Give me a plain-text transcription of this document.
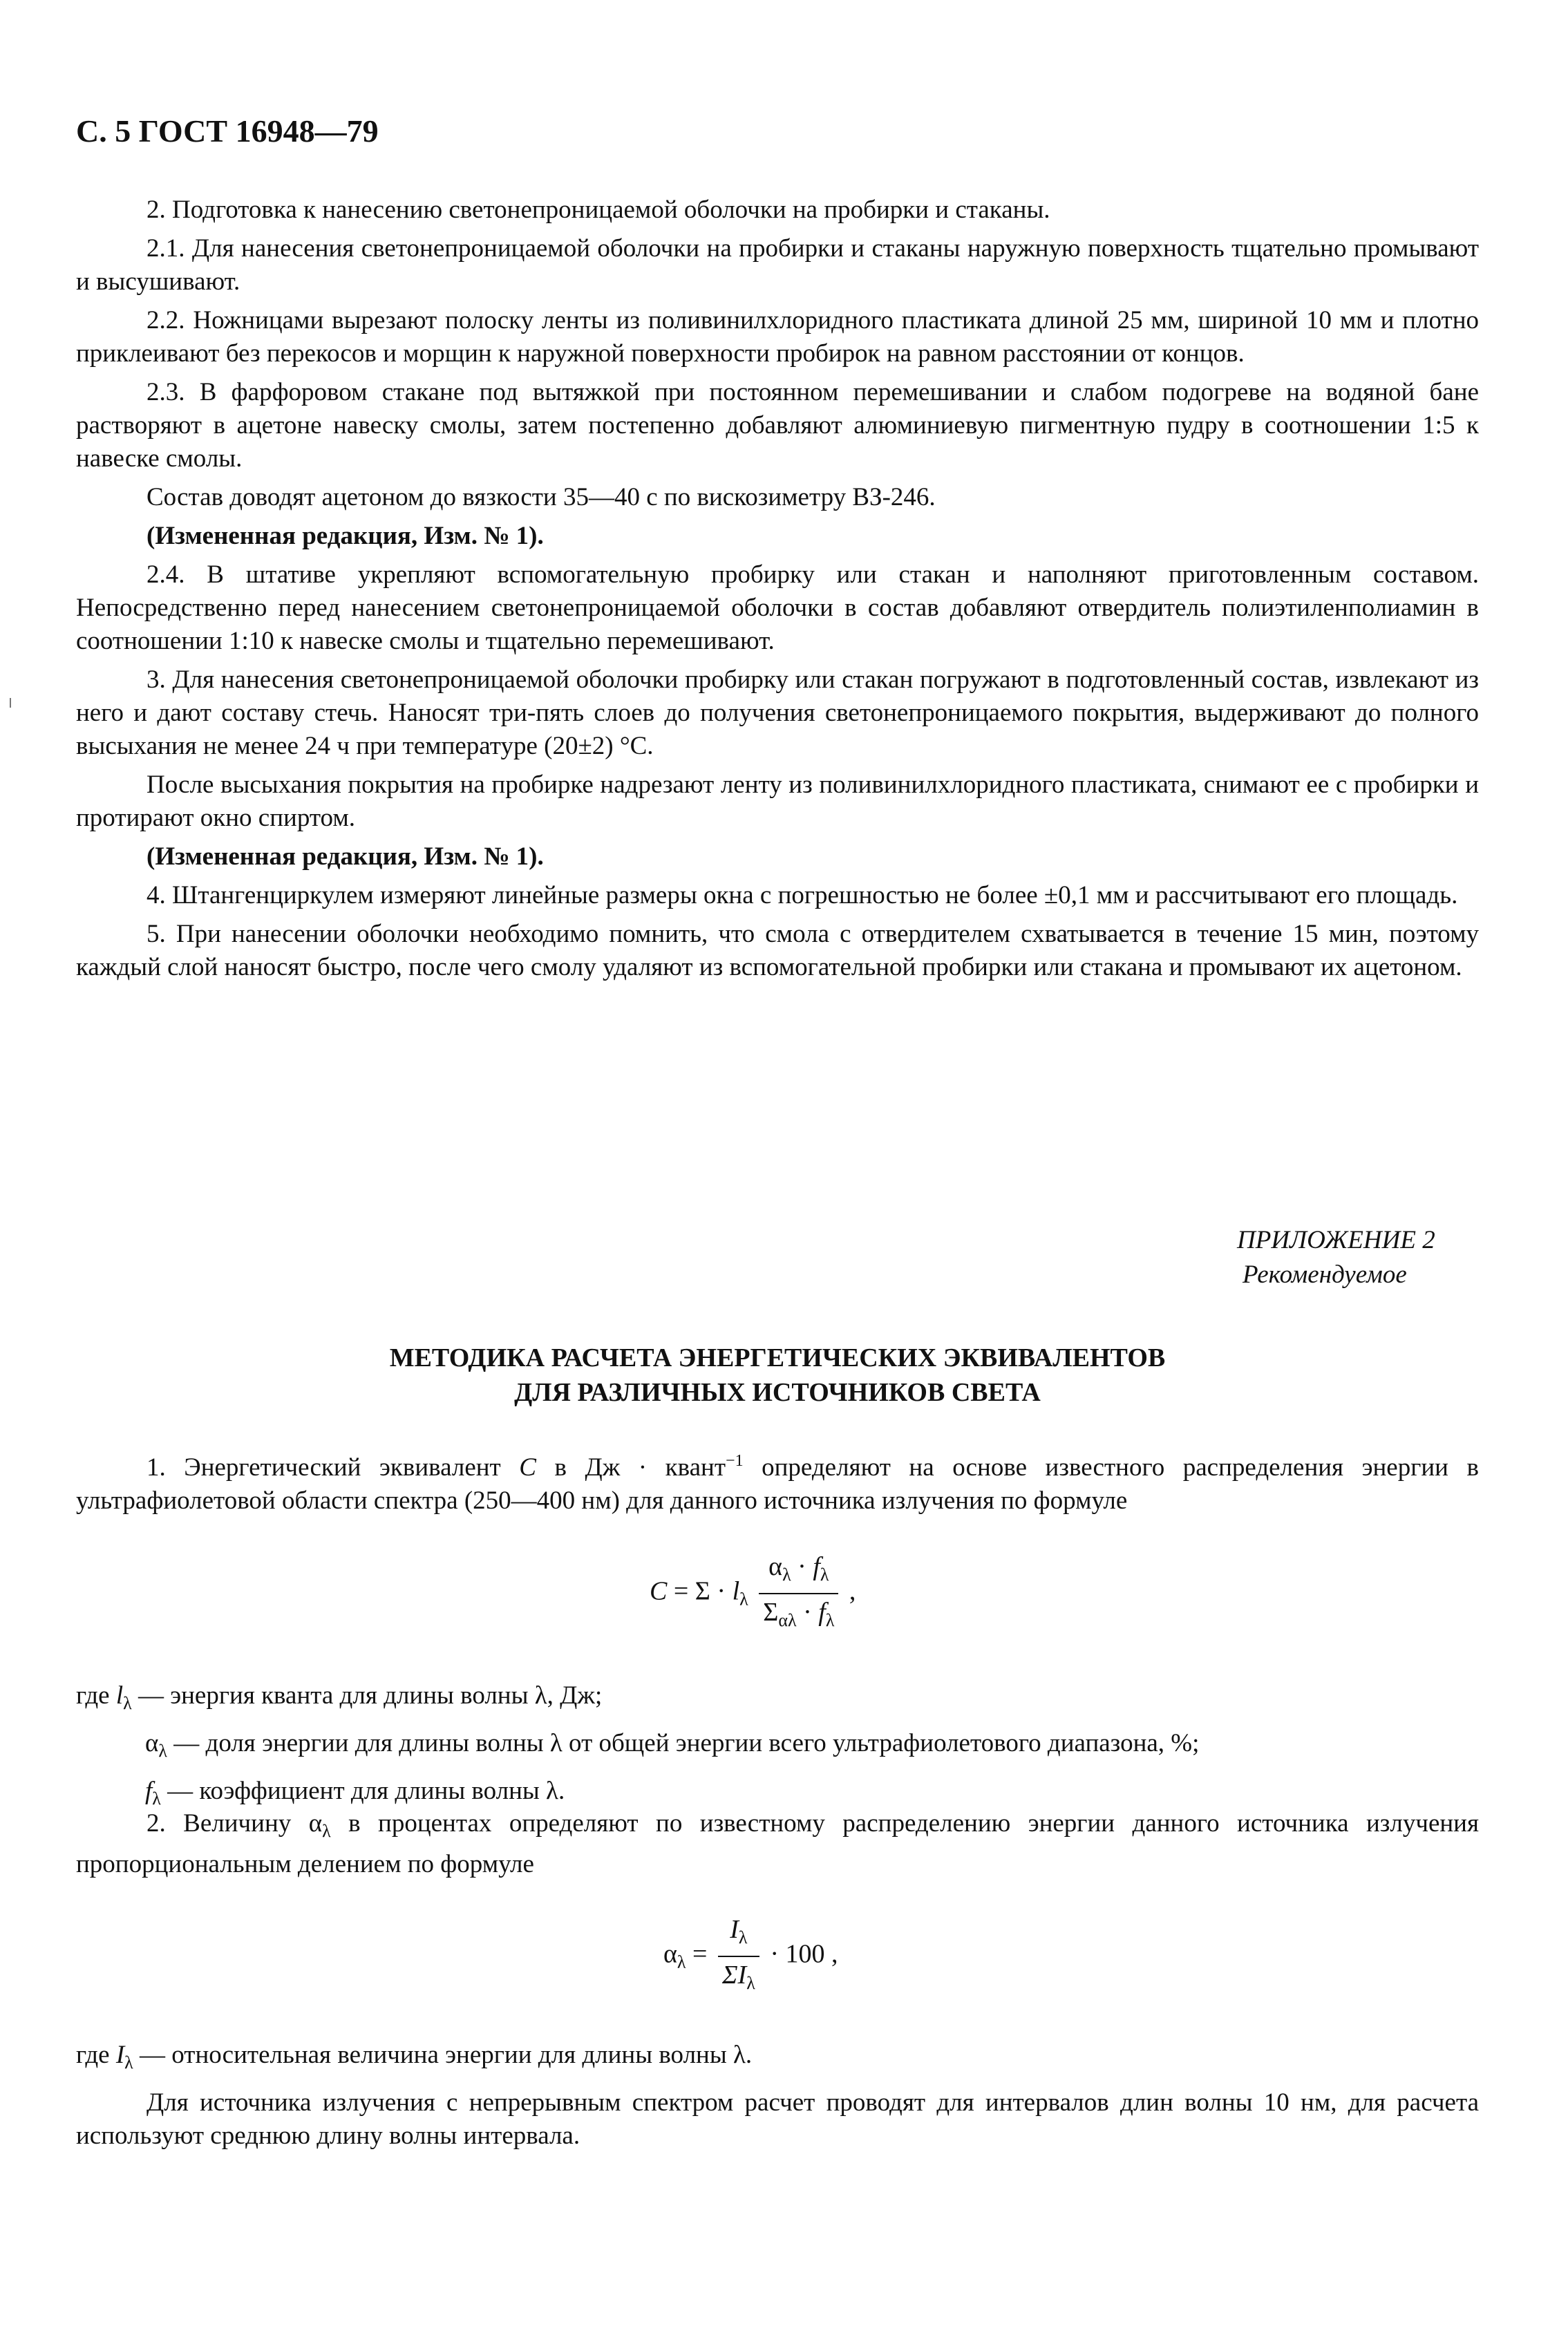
С. 5 ГОСТ 16948—79

2. Подготовка к нанесению светонепроницаемой оболочки на пробирки и стаканы.

2.1. Для нанесения светонепроницаемой оболочки на пробирки и стаканы наружную поверхность тщательно промывают и высушивают.

2.2. Ножницами вырезают полоску ленты из поливинилхлоридного пластиката длиной 25 мм, шириной 10 мм и плотно приклеивают без перекосов и морщин к наружной поверхности пробирок на равном расстоянии от концов.

2.3. В фарфоровом стакане под вытяжкой при постоянном перемешивании и слабом подогреве на водяной бане растворяют в ацетоне навеску смолы, затем постепенно добавляют алюминиевую пигментную пудру в соотношении 1:5 к навеске смолы.

Состав доводят ацетоном до вязкости 35—40 с по вискозиметру ВЗ-246.

(Измененная редакция, Изм. № 1).

2.4. В штативе укрепляют вспомогательную пробирку или стакан и наполняют приготовленным составом. Непосредственно перед нанесением светонепроницаемой оболочки в состав добавляют отвердитель полиэтиленполиамин в соотношении 1:10 к навеске смолы и тщательно перемешивают.

3. Для нанесения светонепроницаемой оболочки пробирку или стакан погружают в подготовленный состав, извлекают из него и дают составу стечь. Наносят три-пять слоев до получения светонепроницаемого покрытия, выдерживают до полного высыхания не менее 24 ч при температуре (20±2) °С.

После высыхания покрытия на пробирке надрезают ленту из поливинилхлоридного пластиката, снимают ее с пробирки и протирают окно спиртом.

(Измененная редакция, Изм. № 1).

4. Штангенциркулем измеряют линейные размеры окна с погрешностью не более ±0,1 мм и рассчитывают его площадь.

5. При нанесении оболочки необходимо помнить, что смола с отвердителем схватывается в течение 15 мин, поэтому каждый слой наносят быстро, после чего смолу удаляют из вспомогательной пробирки или стакана и промывают их ацетоном.

ПРИЛОЖЕНИЕ 2
Рекомендуемое
МЕТОДИКА РАСЧЕТА ЭНЕРГЕТИЧЕСКИХ ЭКВИВАЛЕНТОВ
ДЛЯ РАЗЛИЧНЫХ ИСТОЧНИКОВ СВЕТА

1. Энергетический эквивалент С в Дж · квант$^{-1}$ определяют на основе известного распределения энергии в ультрафиолетовой области спектра (250—400 нм) для данного источника излучения по формуле

$C = \Sigma \cdot l_\lambda \frac{\alpha_\lambda \cdot f_\lambda}{\Sigma_{\alpha\lambda} \cdot f_\lambda}$ ,
где $l_\lambda$ — энергия кванта для длины волны λ, Дж;
$\alpha_\lambda$ — доля энергии для длины волны λ от общей энергии всего ультрафиолетового диапазона, %;
$f_\lambda$ — коэффициент для длины волны λ.

2. Величину $\alpha_\lambda$ в процентах определяют по известному распределению энергии данного источника излучения пропорциональным делением по формуле

$\alpha_\lambda = \frac{I_\lambda}{\Sigma I_\lambda} \cdot 100$ ,
где $I_\lambda$ — относительная величина энергии для длины волны λ.

Для источника излучения с непрерывным спектром расчет проводят для интервалов длин волны 10 нм, для расчета используют среднюю длину волны интервала.
